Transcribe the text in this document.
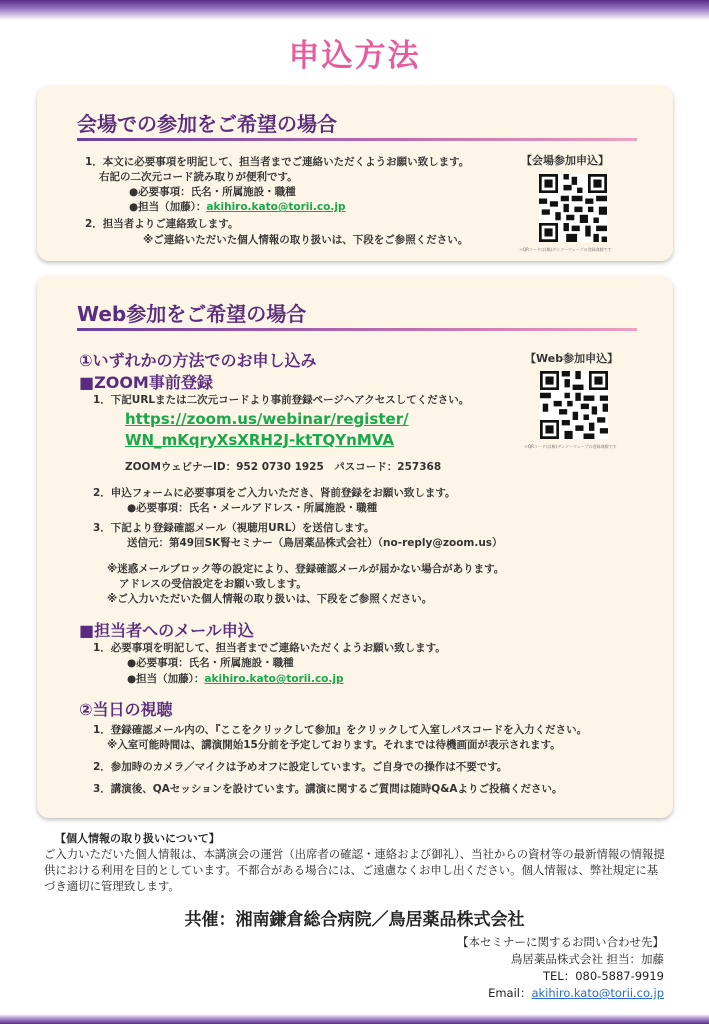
申込方法
会場での参加をご希望の場合
1．本文に必要事項を明記して、担当者までご連絡いただくようお願い致します。
右記の二次元コード読み取りが便利です。
●必要事項：氏名・所属施設・職種
●担当（加藤）：akihiro.kato@torii.co.jp
2．担当者よりご連絡致します。
※ご連絡いただいた個人情報の取り扱いは、下段をご参照ください。
【会場参加申込】
＊QRコードは(株)デンソーウェーブの登録商標です
Web参加をご希望の場合
①いずれかの方法でのお申し込み
■ZOOM事前登録
1．下記URLまたは二次元コードより事前登録ページへアクセスしてください。
https://zoom.us/webinar/register/
WN_mKqryXsXRH2J-ktTQYnMVA
ZOOMウェビナーID：952 0730 1925　パスコード：257368
2．申込フォームに必要事項をご入力いただき、肾前登録をお願い致します。
●必要事項：氏名・メールアドレス・所属施設・職種
3．下記より登録確認メール（視聴用URL）を送信します。
送信元：第49回SK腎セミナー（鳥居薬品株式会社）（no-reply@zoom.us）
※迷惑メールブロック等の設定により、登録確認メールが届かない場合があります。
アドレスの受信設定をお願い致します。
※ご入力いただいた個人情報の取り扱いは、下段をご参照ください。
■担当者へのメール申込
1．必要事項を明記して、担当者までご連絡いただくようお願い致します。
●必要事項：氏名・所属施設・職種
●担当（加藤）：akihiro.kato@torii.co.jp
②当日の視聴
1．登録確認メール内の、『ここをクリックして参加』をクリックして入室しパスコードを入力ください。
※入室可能時間は、講演開始15分前を予定しております。それまでは待機画面が表示されます。
2．参加時のカメラ／マイクは予めオフに設定しています。ご自身での操作は不要です。
3．講演後、QAセッションを設けています。講演に関するご質問は随時Q&Aよりご投稿ください。
【Web参加申込】
＊QRコードは(株)デンソーウェーブの登録商標です
【個人情報の取り扱いについて】
ご入力いただいた個人情報は、本講演会の運営（出席者の確認・連絡および御礼）、当社からの資材等の最新情報の情報提供における利用を目的としています。不都合がある場合には、ご遠慮なくお申し出ください。個人情報は、弊社規定に基づき適切に管理致します。
共催：湘南鎌倉総合病院／鳥居薬品株式会社
【本セミナーに関するお問い合わせ先】
鳥居薬品株式会社 担当：加藤
TEL：080-5887-9919
Email：akihiro.kato@torii.co.jp
